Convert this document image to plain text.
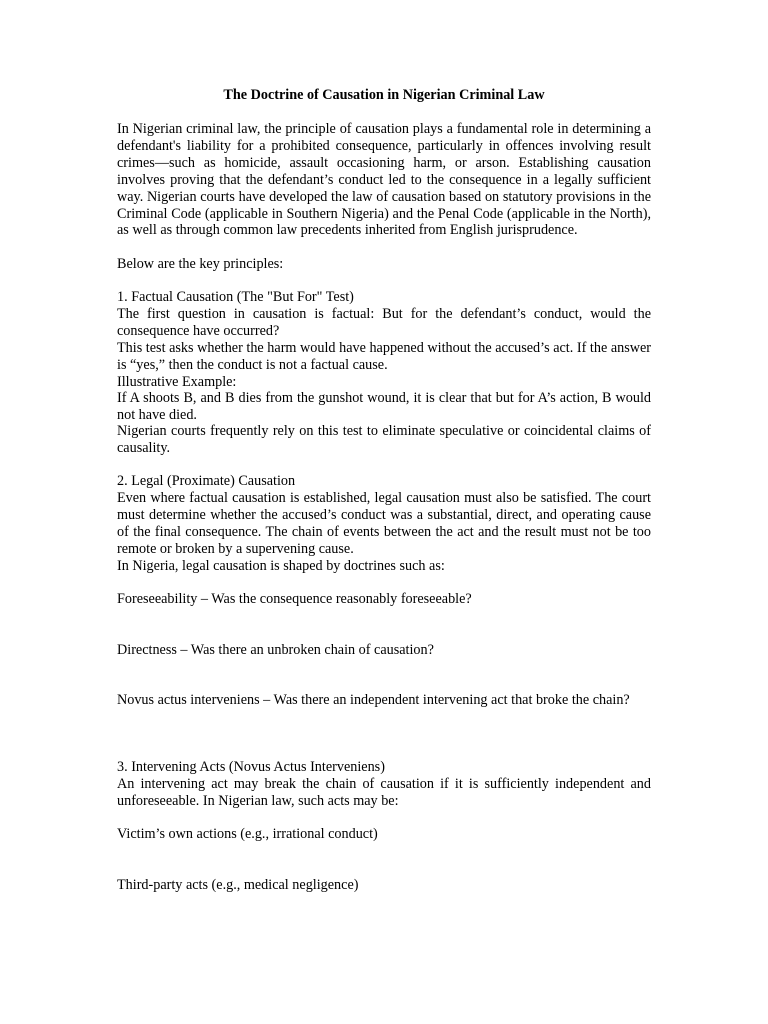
The Doctrine of Causation in Nigerian Criminal Law
In Nigerian criminal law, the principle of causation plays a fundamental role in determining a defendant's liability for a prohibited consequence, particularly in offences involving result crimes—such as homicide, assault occasioning harm, or arson. Establishing causation involves proving that the defendant’s conduct led to the consequence in a legally sufficient way. Nigerian courts have developed the law of causation based on statutory provisions in the Criminal Code (applicable in Southern Nigeria) and the Penal Code (applicable in the North), as well as through common law precedents inherited from English jurisprudence.
Below are the key principles:
1. Factual Causation (The "But For" Test)
The first question in causation is factual: But for the defendant’s conduct, would the consequence have occurred?
This test asks whether the harm would have happened without the accused’s act. If the answer is “yes,” then the conduct is not a factual cause.
Illustrative Example:
If A shoots B, and B dies from the gunshot wound, it is clear that but for A’s action, B would not have died.
Nigerian courts frequently rely on this test to eliminate speculative or coincidental claims of causality.
2. Legal (Proximate) Causation
Even where factual causation is established, legal causation must also be satisfied. The court must determine whether the accused’s conduct was a substantial, direct, and operating cause of the final consequence. The chain of events between the act and the result must not be too remote or broken by a supervening cause.
In Nigeria, legal causation is shaped by doctrines such as:
Foreseeability – Was the consequence reasonably foreseeable?
Directness – Was there an unbroken chain of causation?
Novus actus interveniens – Was there an independent intervening act that broke the chain?
3. Intervening Acts (Novus Actus Interveniens)
An intervening act may break the chain of causation if it is sufficiently independent and unforeseeable. In Nigerian law, such acts may be:
Victim’s own actions (e.g., irrational conduct)
Third-party acts (e.g., medical negligence)
